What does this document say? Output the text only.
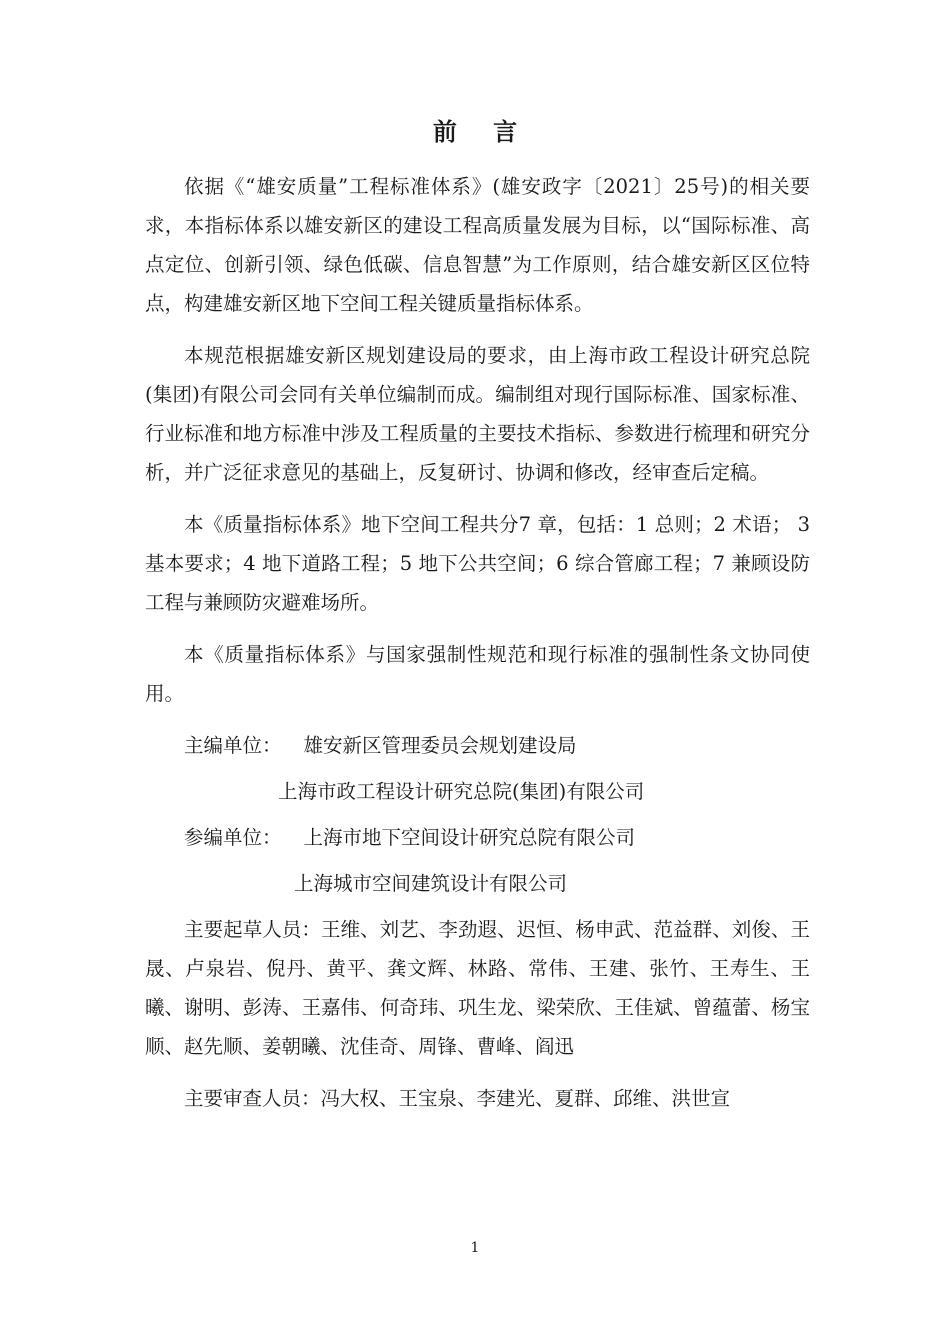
前 言

依据《“雄安质量”工程标准体系》(雄安政字〔2021〕25号)的相关要求，本指标体系以雄安新区的建设工程高质量发展为目标，以“国际标准、高点定位、创新引领、绿色低碳、信息智慧”为工作原则，结合雄安新区区位特点，构建雄安新区地下空间工程关键质量指标体系。

本规范根据雄安新区规划建设局的要求，由上海市政工程设计研究总院(集团)有限公司会同有关单位编制而成。编制组对现行国际标准、国家标准、行业标准和地方标准中涉及工程质量的主要技术指标、参数进行梳理和研究分析，并广泛征求意见的基础上，反复研讨、协调和修改，经审查后定稿。

本《质量指标体系》地下空间工程共分7 章，包括：1 总则；2 术语； 3 基本要求；4 地下道路工程；5 地下公共空间；6 综合管廊工程；7 兼顾设防工程与兼顾防灾避难场所。

本《质量指标体系》与国家强制性规范和现行标准的强制性条文协同使用。

主编单位： 雄安新区管理委员会规划建设局
上海市政工程设计研究总院(集团)有限公司
参编单位： 上海市地下空间设计研究总院有限公司
上海城市空间建筑设计有限公司

主要起草人员：王维、刘艺、李劲遐、迟恒、杨申武、范益群、刘俊、王晟、卢泉岩、倪丹、黄平、龚文辉、林路、常伟、王建、张竹、王寿生、王曦、谢明、彭涛、王嘉伟、何奇玮、巩生龙、梁荣欣、王佳斌、曾蕴蕾、杨宝顺、赵先顺、姜朝曦、沈佳奇、周锋、曹峰、阎迅

主要审查人员：冯大权、王宝泉、李建光、夏群、邱维、洪世宣

1
